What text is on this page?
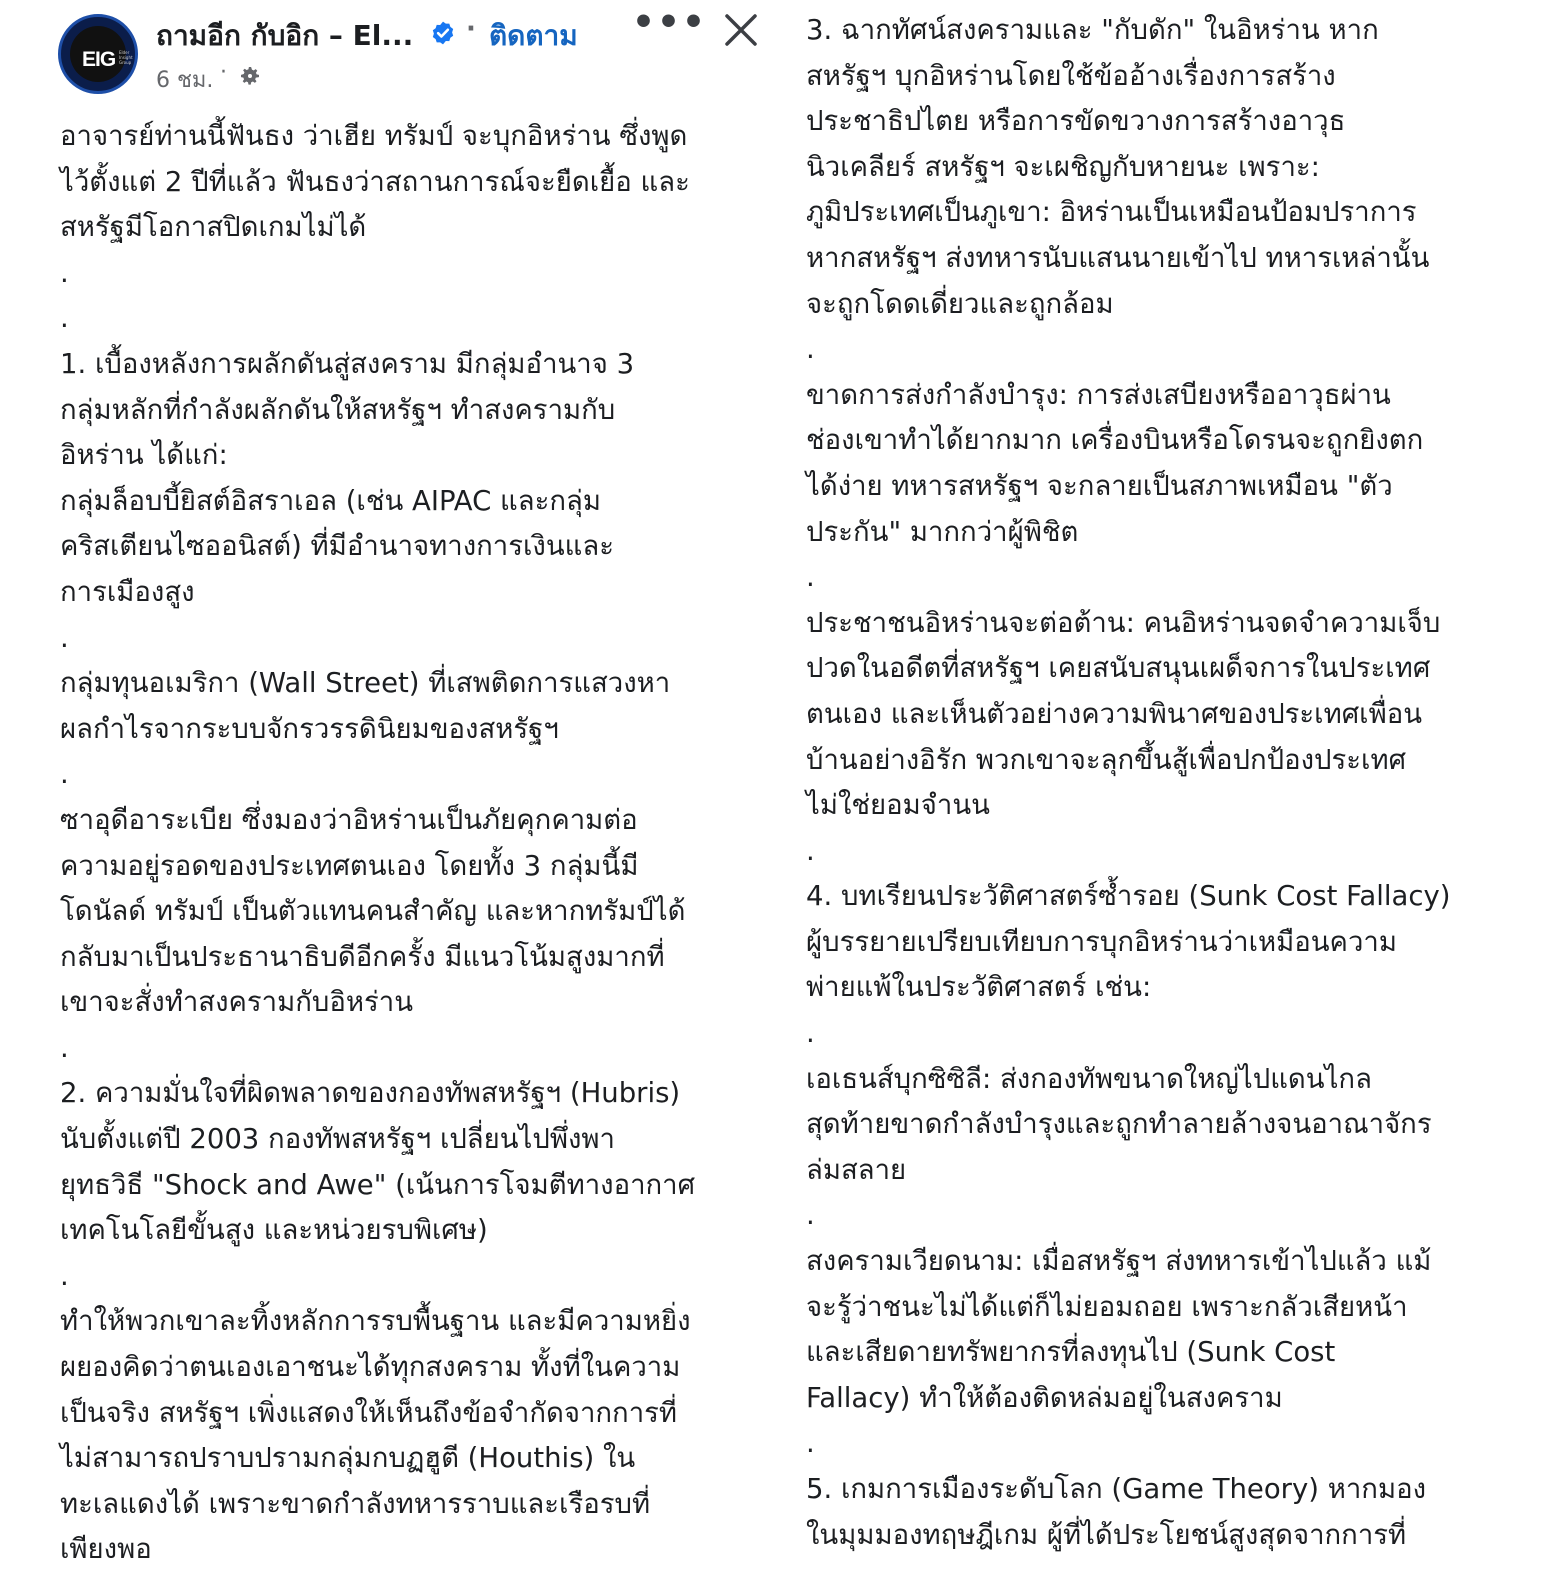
EIG Elder Insight Group
ถามอีก กับอิก – El... · ติดตาม •••
6 ชม. ·
อาจารย์ท่านนี้ฟันธง ว่าเฮีย ทรัมป์ จะบุกอิหร่าน ซึ่งพูด
ไว้ตั้งแต่ 2 ปีที่แล้ว ฟันธงว่าสถานการณ์จะยืดเยื้อ และ
สหรัฐมีโอกาสปิดเกมไม่ได้
.
.
1. เบื้องหลังการผลักดันสู่สงคราม มีกลุ่มอำนาจ 3
กลุ่มหลักที่กำลังผลักดันให้สหรัฐฯ ทำสงครามกับ
อิหร่าน ได้แก่:
กลุ่มล็อบบี้ยิสต์อิสราเอล (เช่น AIPAC และกลุ่ม
คริสเตียนไซออนิสต์) ที่มีอำนาจทางการเงินและ
การเมืองสูง
.
กลุ่มทุนอเมริกา (Wall Street) ที่เสพติดการแสวงหา
ผลกำไรจากระบบจักรวรรดินิยมของสหรัฐฯ
.
ซาอุดีอาระเบีย ซึ่งมองว่าอิหร่านเป็นภัยคุกคามต่อ
ความอยู่รอดของประเทศตนเอง โดยทั้ง 3 กลุ่มนี้มี
โดนัลด์ ทรัมป์ เป็นตัวแทนคนสำคัญ และหากทรัมป์ได้
กลับมาเป็นประธานาธิบดีอีกครั้ง มีแนวโน้มสูงมากที่
เขาจะสั่งทำสงครามกับอิหร่าน
.
2. ความมั่นใจที่ผิดพลาดของกองทัพสหรัฐฯ (Hubris)
นับตั้งแต่ปี 2003 กองทัพสหรัฐฯ เปลี่ยนไปพึ่งพา
ยุทธวิธี "Shock and Awe" (เน้นการโจมตีทางอากาศ
เทคโนโลยีขั้นสูง และหน่วยรบพิเศษ)
.
ทำให้พวกเขาละทิ้งหลักการรบพื้นฐาน และมีความหยิ่ง
ผยองคิดว่าตนเองเอาชนะได้ทุกสงคราม ทั้งที่ในความ
เป็นจริง สหรัฐฯ เพิ่งแสดงให้เห็นถึงข้อจำกัดจากการที่
ไม่สามารถปราบปรามกลุ่มกบฏฮูตี (Houthis) ใน
ทะเลแดงได้ เพราะขาดกำลังทหารราบและเรือรบที่
เพียงพอ
3. ฉากทัศน์สงครามและ "กับดัก" ในอิหร่าน หาก
สหรัฐฯ บุกอิหร่านโดยใช้ข้ออ้างเรื่องการสร้าง
ประชาธิปไตย หรือการขัดขวางการสร้างอาวุธ
นิวเคลียร์ สหรัฐฯ จะเผชิญกับหายนะ เพราะ:
ภูมิประเทศเป็นภูเขา: อิหร่านเป็นเหมือนป้อมปราการ
หากสหรัฐฯ ส่งทหารนับแสนนายเข้าไป ทหารเหล่านั้น
จะถูกโดดเดี่ยวและถูกล้อม
.
ขาดการส่งกำลังบำรุง: การส่งเสบียงหรืออาวุธผ่าน
ช่องเขาทำได้ยากมาก เครื่องบินหรือโดรนจะถูกยิงตก
ได้ง่าย ทหารสหรัฐฯ จะกลายเป็นสภาพเหมือน "ตัว
ประกัน" มากกว่าผู้พิชิต
.
ประชาชนอิหร่านจะต่อต้าน: คนอิหร่านจดจำความเจ็บ
ปวดในอดีตที่สหรัฐฯ เคยสนับสนุนเผด็จการในประเทศ
ตนเอง และเห็นตัวอย่างความพินาศของประเทศเพื่อน
บ้านอย่างอิรัก พวกเขาจะลุกขึ้นสู้เพื่อปกป้องประเทศ
ไม่ใช่ยอมจำนน
.
4. บทเรียนประวัติศาสตร์ซ้ำรอย (Sunk Cost Fallacy)
ผู้บรรยายเปรียบเทียบการบุกอิหร่านว่าเหมือนความ
พ่ายแพ้ในประวัติศาสตร์ เช่น:
.
เอเธนส์บุกซิซิลี: ส่งกองทัพขนาดใหญ่ไปแดนไกล
สุดท้ายขาดกำลังบำรุงและถูกทำลายล้างจนอาณาจักร
ล่มสลาย
.
สงครามเวียดนาม: เมื่อสหรัฐฯ ส่งทหารเข้าไปแล้ว แม้
จะรู้ว่าชนะไม่ได้แต่ก็ไม่ยอมถอย เพราะกลัวเสียหน้า
และเสียดายทรัพยากรที่ลงทุนไป (Sunk Cost
Fallacy) ทำให้ต้องติดหล่มอยู่ในสงคราม
.
5. เกมการเมืองระดับโลก (Game Theory) หากมอง
ในมุมมองทฤษฎีเกม ผู้ที่ได้ประโยชน์สูงสุดจากการที่
